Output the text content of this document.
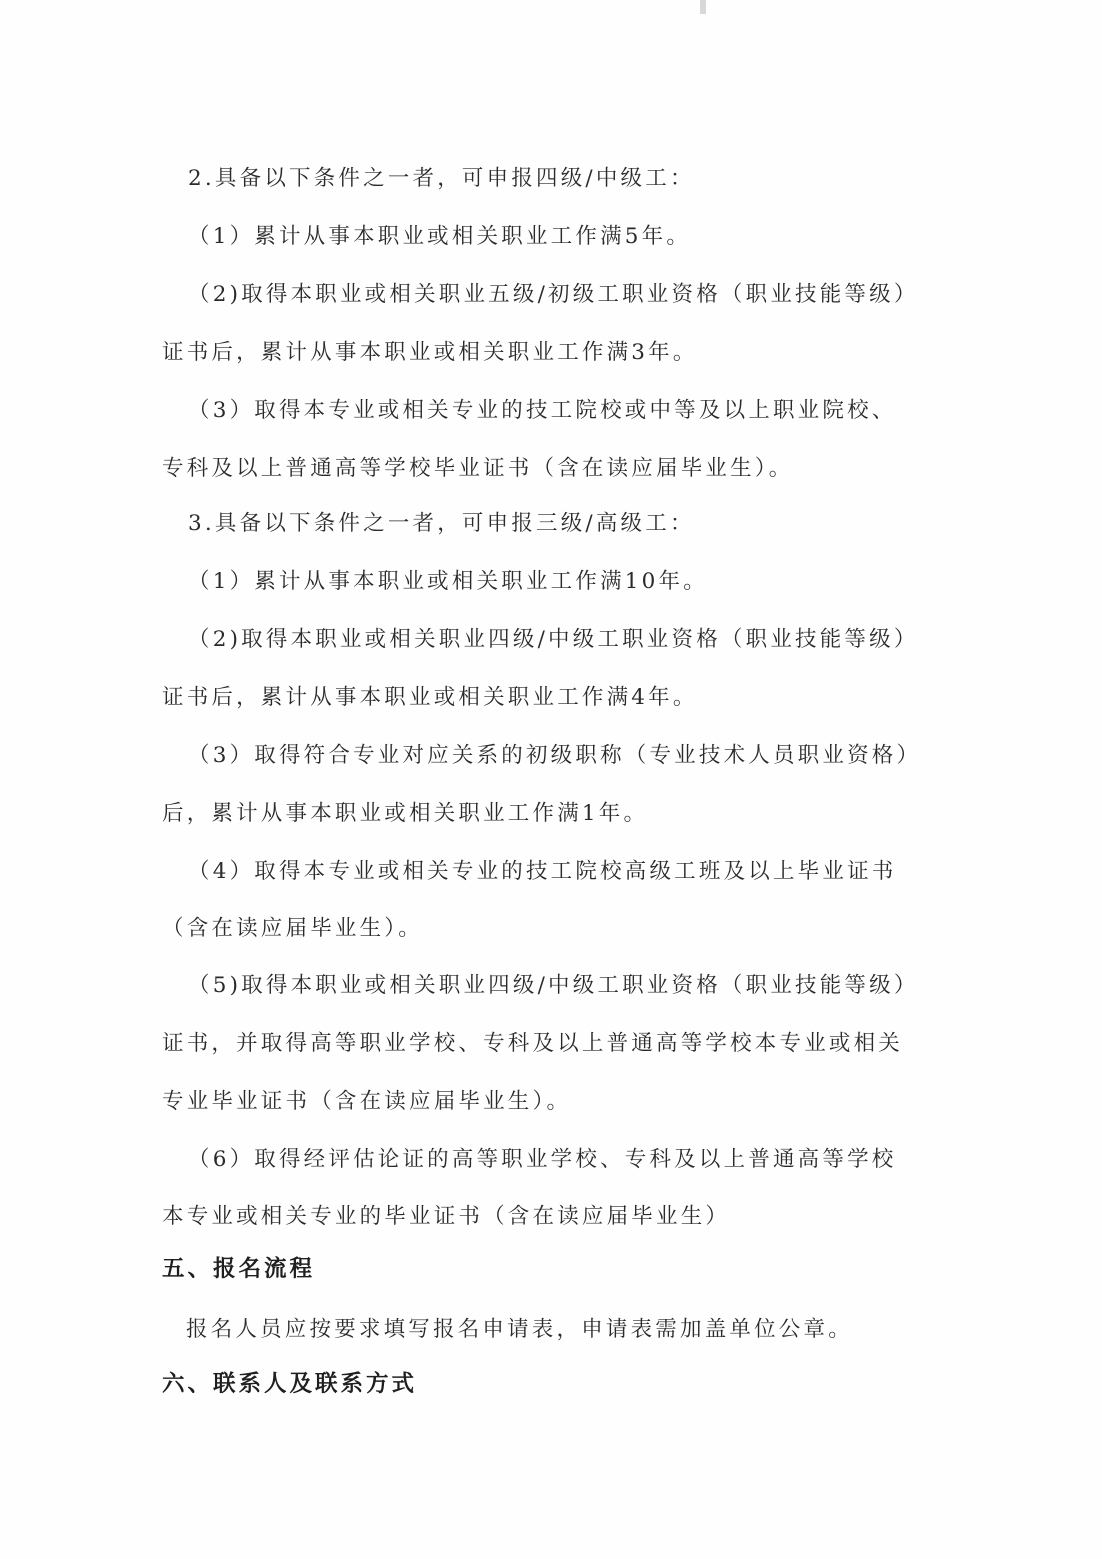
2.具备以下条件之一者，可申报四级/中级工：
（1）累计从事本职业或相关职业工作满5年。
（2)取得本职业或相关职业五级/初级工职业资格（职业技能等级）
证书后，累计从事本职业或相关职业工作满3年。
（3）取得本专业或相关专业的技工院校或中等及以上职业院校、
专科及以上普通高等学校毕业证书（含在读应届毕业生）。
3.具备以下条件之一者，可申报三级/高级工：
（1）累计从事本职业或相关职业工作满10年。
（2)取得本职业或相关职业四级/中级工职业资格（职业技能等级）
证书后，累计从事本职业或相关职业工作满4年。
（3）取得符合专业对应关系的初级职称（专业技术人员职业资格）
后，累计从事本职业或相关职业工作满1年。
（4）取得本专业或相关专业的技工院校高级工班及以上毕业证书
（含在读应届毕业生）。
（5)取得本职业或相关职业四级/中级工职业资格（职业技能等级）
证书，并取得高等职业学校、专科及以上普通高等学校本专业或相关
专业毕业证书（含在读应届毕业生）。
（6）取得经评估论证的高等职业学校、专科及以上普通高等学校
本专业或相关专业的毕业证书（含在读应届毕业生）
五、报名流程
报名人员应按要求填写报名申请表，申请表需加盖单位公章。
六、联系人及联系方式
